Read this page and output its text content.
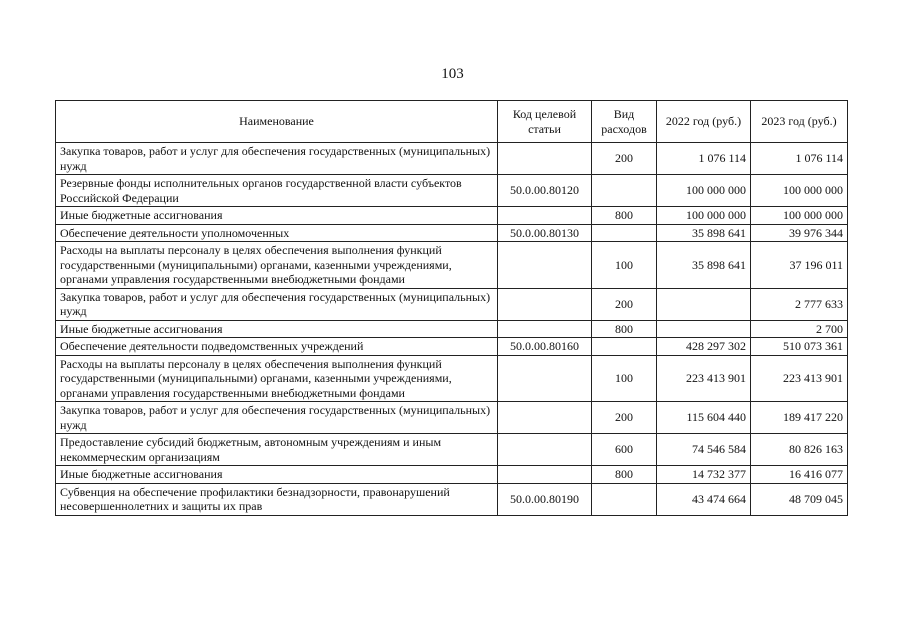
103
Наименование	Код целевой статьи	Вид расходов	2022 год (руб.)	2023 год (руб.)
Закупка товаров, работ и услуг для обеспечения государственных (муниципальных) нужд		200	1 076 114	1 076 114
Резервные фонды исполнительных органов государственной власти субъектов Российской Федерации	50.0.00.80120		100 000 000	100 000 000
Иные бюджетные ассигнования		800	100 000 000	100 000 000
Обеспечение деятельности уполномоченных	50.0.00.80130		35 898 641	39 976 344
Расходы на выплаты персоналу в целях обеспечения выполнения функций государственными (муниципальными) органами, казенными учреждениями, органами управления государственными внебюджетными фондами		100	35 898 641	37 196 011
Закупка товаров, работ и услуг для обеспечения государственных (муниципальных) нужд		200		2 777 633
Иные бюджетные ассигнования		800		2 700
Обеспечение деятельности подведомственных учреждений	50.0.00.80160		428 297 302	510 073 361
Расходы на выплаты персоналу в целях обеспечения выполнения функций государственными (муниципальными) органами, казенными учреждениями, органами управления государственными внебюджетными фондами		100	223 413 901	223 413 901
Закупка товаров, работ и услуг для обеспечения государственных (муниципальных) нужд		200	115 604 440	189 417 220
Предоставление субсидий бюджетным, автономным учреждениям и иным некоммерческим организациям		600	74 546 584	80 826 163
Иные бюджетные ассигнования		800	14 732 377	16 416 077
Субвенция на обеспечение профилактики безнадзорности, правонарушений несовершеннолетних и защиты их прав	50.0.00.80190		43 474 664	48 709 045
